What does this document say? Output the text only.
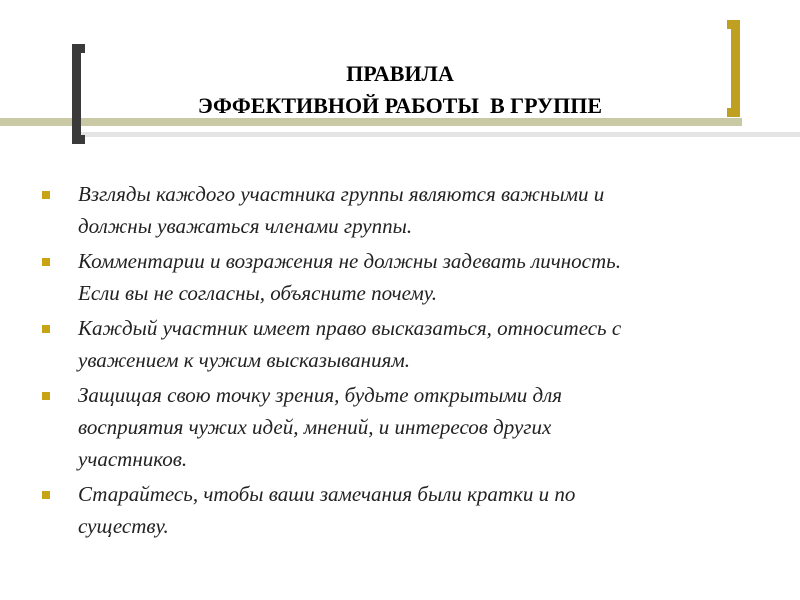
ПРАВИЛА
ЭФФЕКТИВНОЙ РАБОТЫ  В ГРУППЕ
Взгляды каждого участника группы являются важными и
должны уважаться членами группы.
Комментарии и возражения не должны задевать личность.
Если вы не согласны, объясните почему.
Каждый участник имеет право высказаться, относитесь с
уважением к чужим высказываниям.
Защищая свою точку зрения, будьте открытыми для
восприятия чужих идей, мнений, и интересов других
участников.
Старайтесь, чтобы ваши замечания были кратки и по
существу.
